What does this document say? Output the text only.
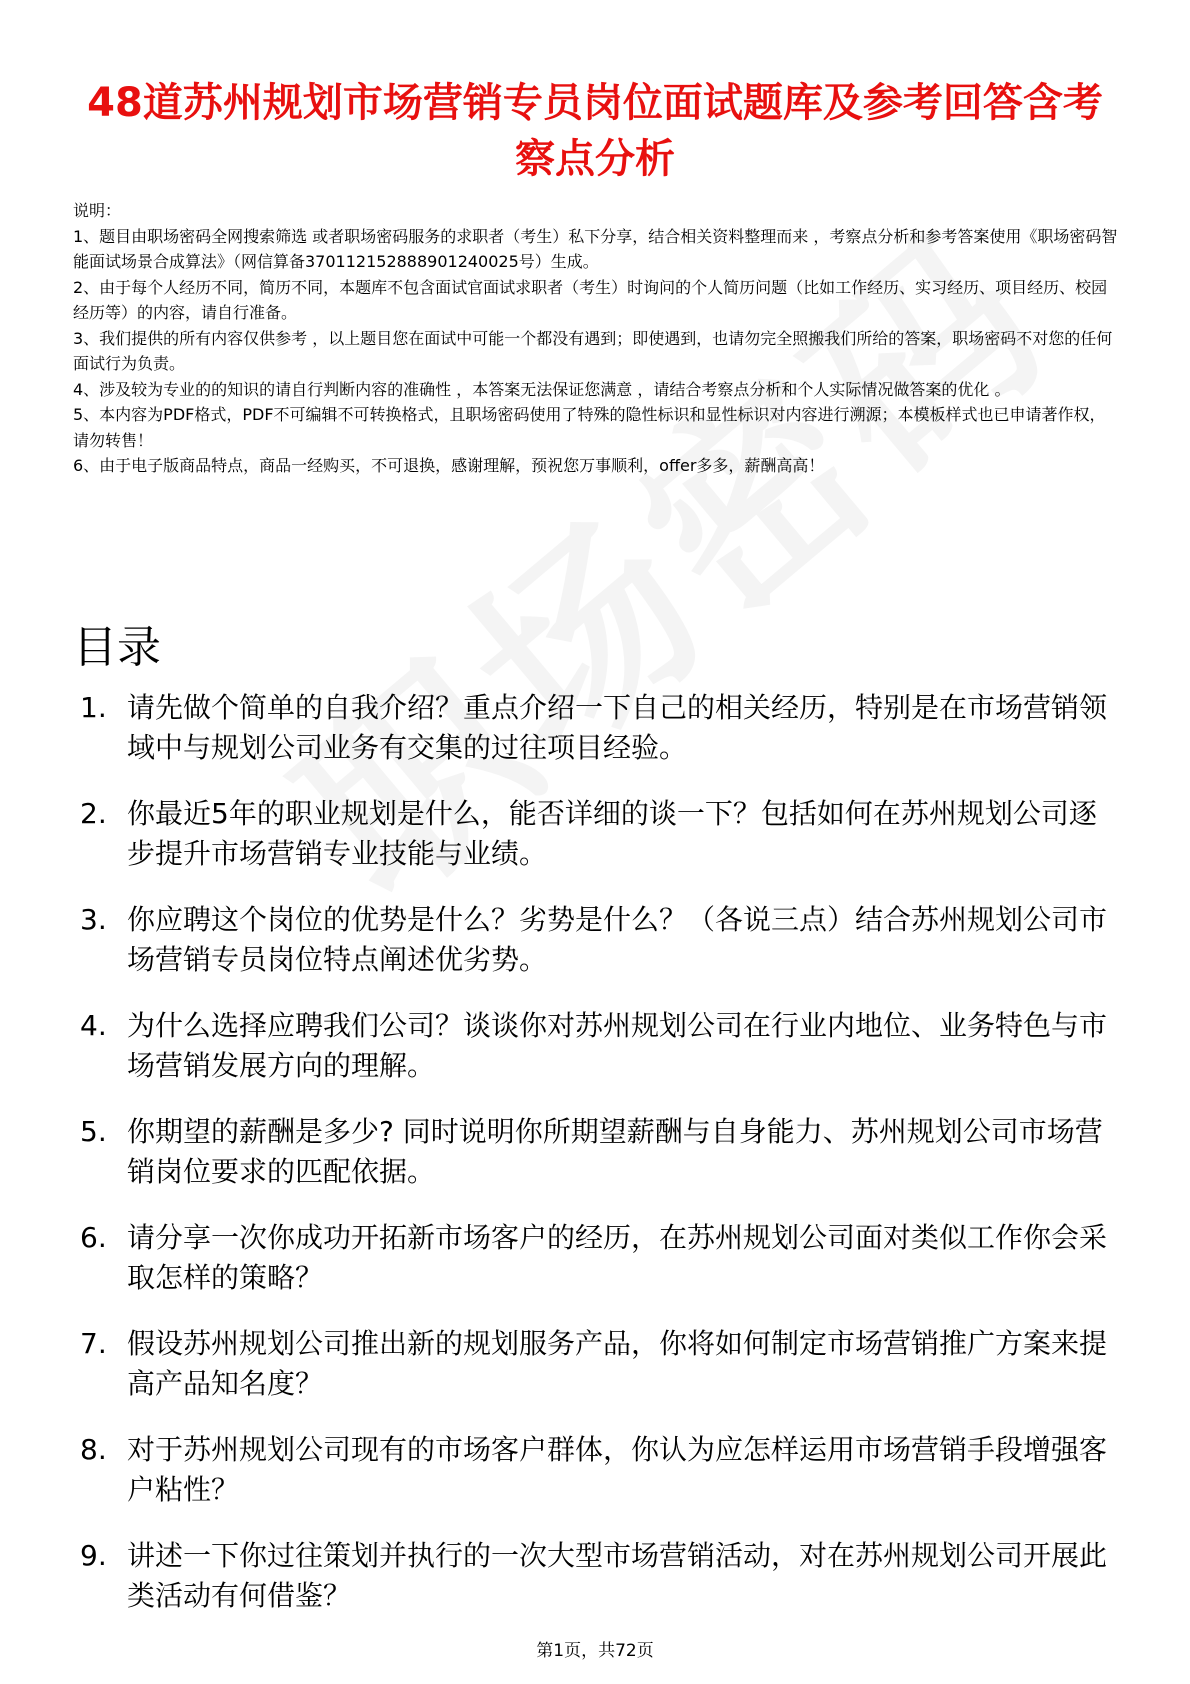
48道苏州规划市场营销专员岗位面试题库及参考回答含考察点分析

说明：

1、题目由职场密码全网搜索筛选 或者职场密码服务的求职者（考生）私下分享，结合相关资料整理而来 ，考察点分析和参考答案使用《职场密码智能面试场景合成算法》（网信算备370112152888901240025号）生成。

2、由于每个人经历不同，简历不同，本题库不包含面试官面试求职者（考生）时询问的个人简历问题（比如工作经历、实习经历、项目经历、校园经历等）的内容，请自行准备。

3、我们提供的所有内容仅供参考 ，以上题目您在面试中可能一个都没有遇到；即使遇到，也请勿完全照搬我们所给的答案，职场密码不对您的任何面试行为负责。

4、涉及较为专业的的知识的请自行判断内容的准确性 ，本答案无法保证您满意 ，请结合考察点分析和个人实际情况做答案的优化 。

5、本内容为PDF格式，PDF不可编辑不可转换格式，且职场密码使用了特殊的隐性标识和显性标识对内容进行溯源；本模板样式也已申请著作权，请勿转售！

6、由于电子版商品特点，商品一经购买，不可退换，感谢理解，预祝您万事顺利，offer多多，薪酬高高！

目录
1. 请先做个简单的自我介绍？重点介绍一下自己的相关经历，特别是在市场营销领域中与规划公司业务有交集的过往项目经验。
2. 你最近5年的职业规划是什么，能否详细的谈一下？包括如何在苏州规划公司逐步提升市场营销专业技能与业绩。
3. 你应聘这个岗位的优势是什么？劣势是什么？（各说三点）结合苏州规划公司市场营销专员岗位特点阐述优劣势。
4. 为什么选择应聘我们公司？谈谈你对苏州规划公司在行业内地位、业务特色与市场营销发展方向的理解。
5. 你期望的薪酬是多少? 同时说明你所期望薪酬与自身能力、苏州规划公司市场营销岗位要求的匹配依据。
6. 请分享一次你成功开拓新市场客户的经历，在苏州规划公司面对类似工作你会采取怎样的策略？
7. 假设苏州规划公司推出新的规划服务产品，你将如何制定市场营销推广方案来提高产品知名度？
8. 对于苏州规划公司现有的市场客户群体，你认为应怎样运用市场营销手段增强客户粘性？
9. 讲述一下你过往策划并执行的一次大型市场营销活动，对在苏州规划公司开展此类活动有何借鉴？
第1页，共72页
